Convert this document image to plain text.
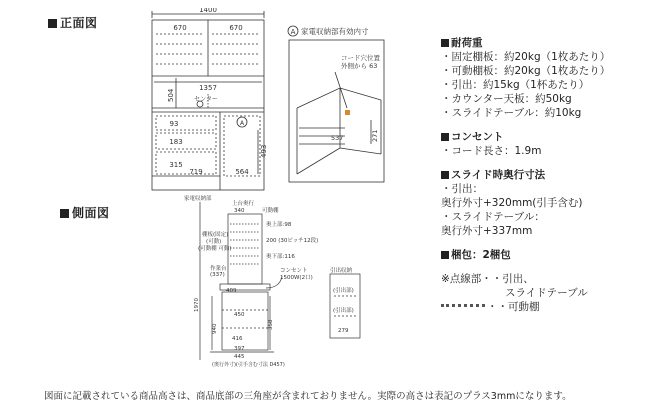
正面図
側面図
1400
670	670
1357
センター
A
93
183
315
719	564
504
493
A 家電収納部有効内寸
コード穴位置
外側から 63
537	271
家電収納部
上台奥行
340	可動棚
棚板(固定)
(可動)
(可動棚 可動)
奥上部:98
200 (30ピッチ12段)
奥下部:116
作業台
(337)
コンセント
1500W(2口)
409
450
416
397
445
(奥行外寸)(引手含む寸法 D457)
1970
940	358
引出収納
(引出部)
(引出部)
279
耐荷重
・固定棚板：約20kg（1枚あたり）
・可動棚板：約20kg（1枚あたり）
・引出：約15kg（1杯あたり）
・カウンター天板：約50kg
・スライドテーブル：約10kg
コンセント
・コード長さ：1.9m
スライド時奥行寸法
・引出：
奥行外寸+320mm(引手含む)
・スライドテーブル：
奥行外寸+337mm
梱包：2梱包
※点線部・・引出、
スライドテーブル
・・可動棚
図面に記載されている商品高さは、商品底部の三角座が含まれておりません。実際の高さは表記のプラス3mmになります。
